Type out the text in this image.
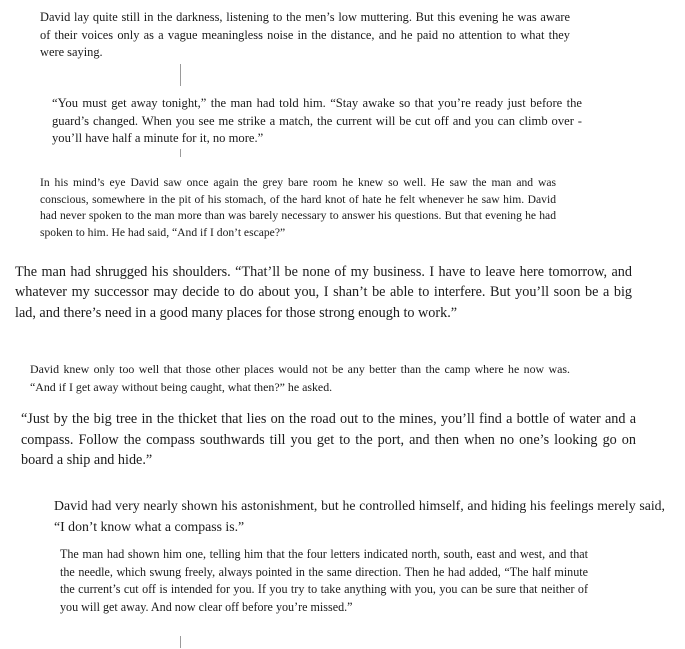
David lay quite still in the darkness, listening to the men’s low muttering. But this evening he was aware of their voices only as a vague meaningless noise in the distance, and he paid no attention to what they were saying.

“You must get away tonight,” the man had told him. “Stay awake so that you’re ready just before the guard’s changed. When you see me strike a match, the current will be cut off and you can climb over - you’ll have half a minute for it, no more.”

In his mind’s eye David saw once again the grey bare room he knew so well. He saw the man and was conscious, somewhere in the pit of his stomach, of the hard knot of hate he felt whenever he saw him. David had never spoken to the man more than was barely necessary to answer his questions. But that evening he had spoken to him. He had said, “And if I don’t escape?”

The man had shrugged his shoulders. “That’ll be none of my business. I have to leave here tomorrow, and whatever my successor may decide to do about you, I shan’t be able to interfere. But you’ll soon be a big lad, and there’s need in a good many places for those strong enough to work.”

David knew only too well that those other places would not be any better than the camp where he now was. “And if I get away without being caught, what then?” he asked.

“Just by the big tree in the thicket that lies on the road out to the mines, you’ll find a bottle of water and a compass. Follow the compass southwards till you get to the port, and then when no one’s looking go on board a ship and hide.”

David had very nearly shown his astonishment, but he controlled himself, and hiding his feelings merely said, “I don’t know what a compass is.”

The man had shown him one, telling him that the four letters indicated north, south, east and west, and that the needle, which swung freely, always pointed in the same direction. Then he had added, “The half minute the current’s cut off is intended for you. If you try to take anything with you, you can be sure that neither of you will get away. And now clear off before you’re missed.”
